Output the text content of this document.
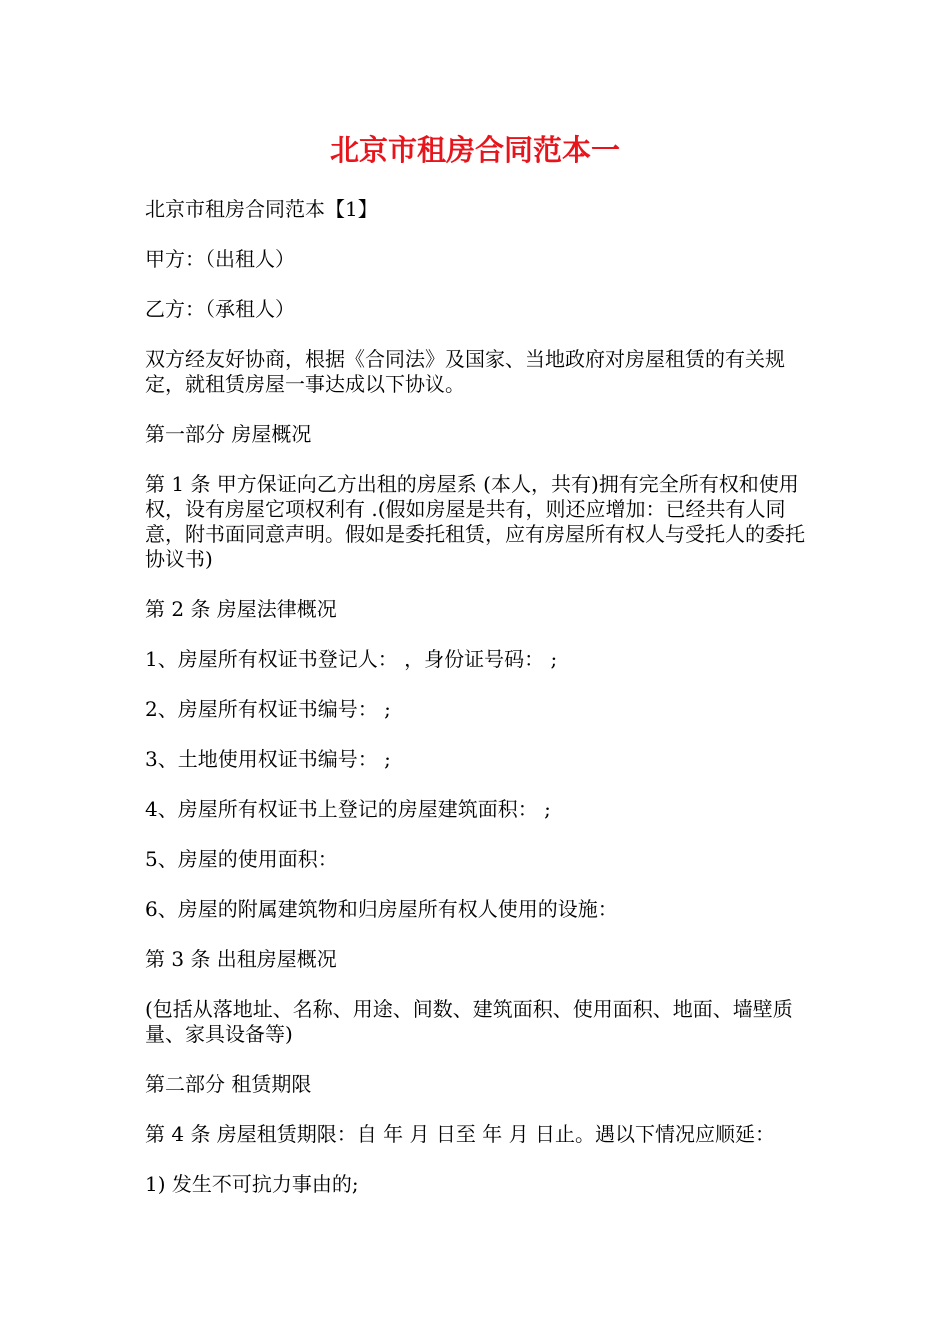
北京市租房合同范本一

北京市租房合同范本【1】

甲方：（出租人）

乙方：（承租人）

双方经友好协商，根据《合同法》及国家、当地政府对房屋租赁的有关规定，就租赁房屋一事达成以下协议。

第一部分 房屋概况

第 1 条 甲方保证向乙方出租的房屋系 (本人，共有)拥有完全所有权和使用权，设有房屋它项权利有 .(假如房屋是共有，则还应增加：已经共有人同意，附书面同意声明。假如是委托租赁，应有房屋所有权人与受托人的委托协议书)

第 2 条 房屋法律概况

1、房屋所有权证书登记人： ，身份证号码： ;

2、房屋所有权证书编号： ;

3、土地使用权证书编号： ;

4、房屋所有权证书上登记的房屋建筑面积： ;

5、房屋的使用面积：

6、房屋的附属建筑物和归房屋所有权人使用的设施：

第 3 条 出租房屋概况

(包括从落地址、名称、用途、间数、建筑面积、使用面积、地面、墙壁质量、家具设备等)

第二部分 租赁期限

第 4 条 房屋租赁期限：自 年 月 日至 年 月 日止。遇以下情况应顺延：

1) 发生不可抗力事由的;
